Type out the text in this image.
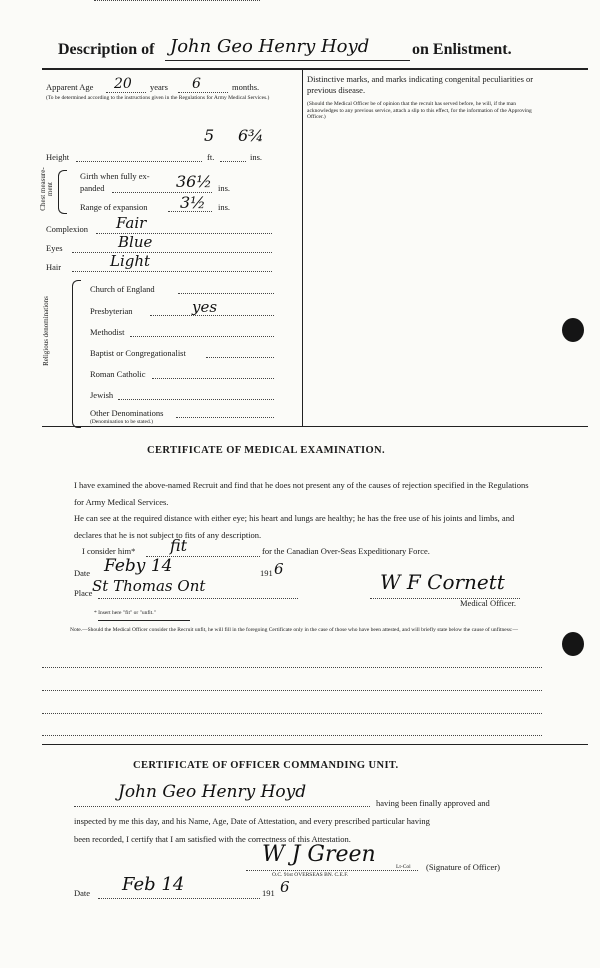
Description of John Geo Henry Hoyd	on Enlistment.
Apparent Age 20 years 6	months.
(To be determined according to the instructions given in the Regulations for Army Medical Services.)
5 6¾
Height	ft.	ins.
Chest measure-ment
Girth when fully ex-
panded	36½ ins.
Range of expansion 3½ ins.
Complexion Fair
Eyes	Blue
Hair	Light
Religious denominations
Church of England
Presbyterian	yes
Methodist
Baptist or Congregationalist
Roman Catholic
Jewish
Other Denominations
(Denomination to be stated.)
Distinctive marks, and marks indicating congenital peculiarities or previous disease.
(Should the Medical Officer be of opinion that the recruit has served before, he will, if the man acknowledges to any previous service, attach a slip to this effect, for the information of the Approving Officer.)
CERTIFICATE OF MEDICAL EXAMINATION.
I have examined the above-named Recruit and find that he does not present any of the causes of rejection specified in the Regulations for Army Medical Services.
He can see at the required distance with either eye; his heart and lungs are healthy; he has the free use of his joints and limbs, and declares that he is not subject to fits of any description.
I consider him* fit	for the Canadian Over-Seas Expeditionary Force.
Date Feby 14	191 6
Place St Thomas Ont	W F Cornett
Medical Officer.
* Insert here "fit" or "unfit."
Note.—Should the Medical Officer consider the Recruit unfit, he will fill in the foregoing Certificate only in the case of those who have been attested, and will briefly state below the cause of unfitness:—
CERTIFICATE OF OFFICER COMMANDING UNIT.
John Geo Henry Hoyd
having been finally approved and
inspected by me this day, and his Name, Age, Date of Attestation, and every prescribed particular having
been recorded, I certify that I am satisfied with the correctness of this Attestation.
W J Green	Lt-Col
O.C. 91st OVERSEAS BN. C.E.F.
(Signature of Officer)
Date Feb 14	191 6
